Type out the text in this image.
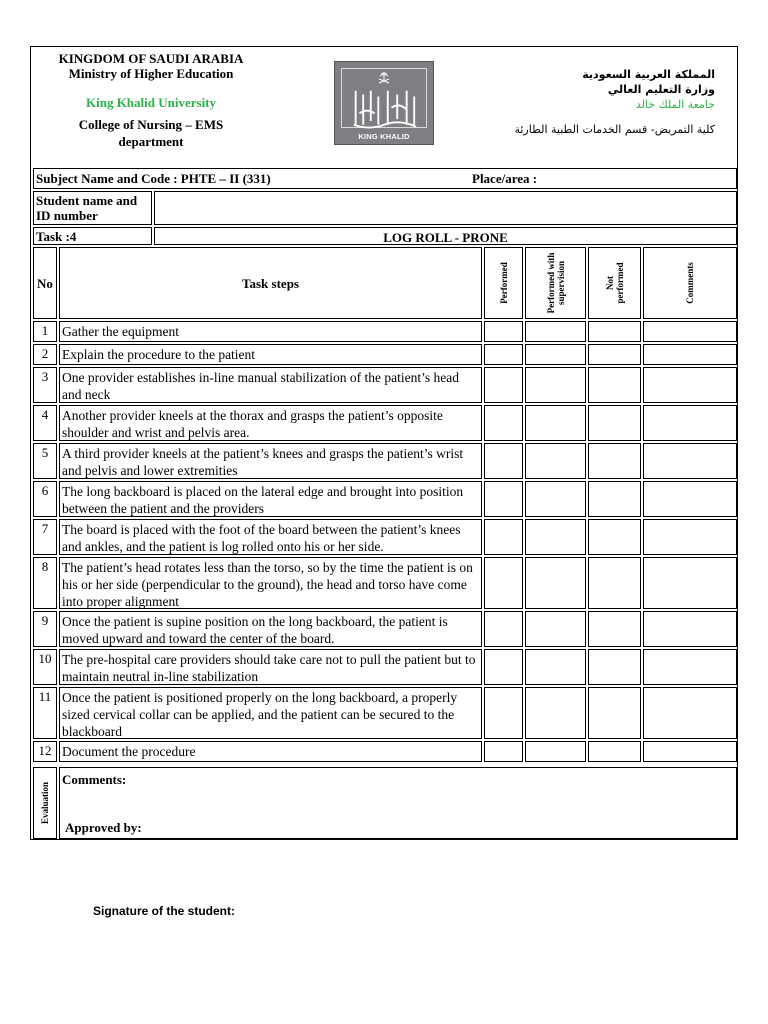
KINGDOM OF SAUDI ARABIA
Ministry of Higher Education
King Khalid University
College of Nursing – EMS
department	KING KHALID UNIVERSITY
المملكة العربية السعودية
وزارة التعليم العالي
جامعة الملك خالد
كلية التمريض- قسم الخدمات الطبية الطارئة
Subject Name and Code : PHTE – II (331)	Place/area :
Student name and ID number
Task :4	LOG ROLL - PRONE
No	Task steps	Performed	Performed with supervision	Not performed	Comments
1	Gather the equipment
2	Explain the procedure to the patient
3	One provider establishes in-line manual stabilization of the patient’s head and neck
4	Another provider kneels at the thorax and grasps the patient’s opposite shoulder and wrist and pelvis area.
5	A third provider kneels at the patient’s knees and grasps the patient’s wrist and pelvis and lower extremities
6	The long backboard is placed on the lateral edge and brought into position between the patient and the providers
7	The board is placed with the foot of the board between the patient’s knees and ankles, and the patient is log rolled onto his or her side.
8	The patient’s head rotates less than the torso, so by the time the patient is on his or her side (perpendicular to the ground), the head and torso have come into proper alignment
9	Once the patient is supine position on the long backboard, the patient is moved upward and toward the center of the board.
10 The pre-hospital care providers should take care not to pull the patient but to maintain neutral in-line stabilization
11 Once the patient is positioned properly on the long backboard, a properly sized cervical collar can be applied, and the patient can be secured to the blackboard
12 Document the procedure
Evaluation
Comments:
Approved by:
Signature of the student:
